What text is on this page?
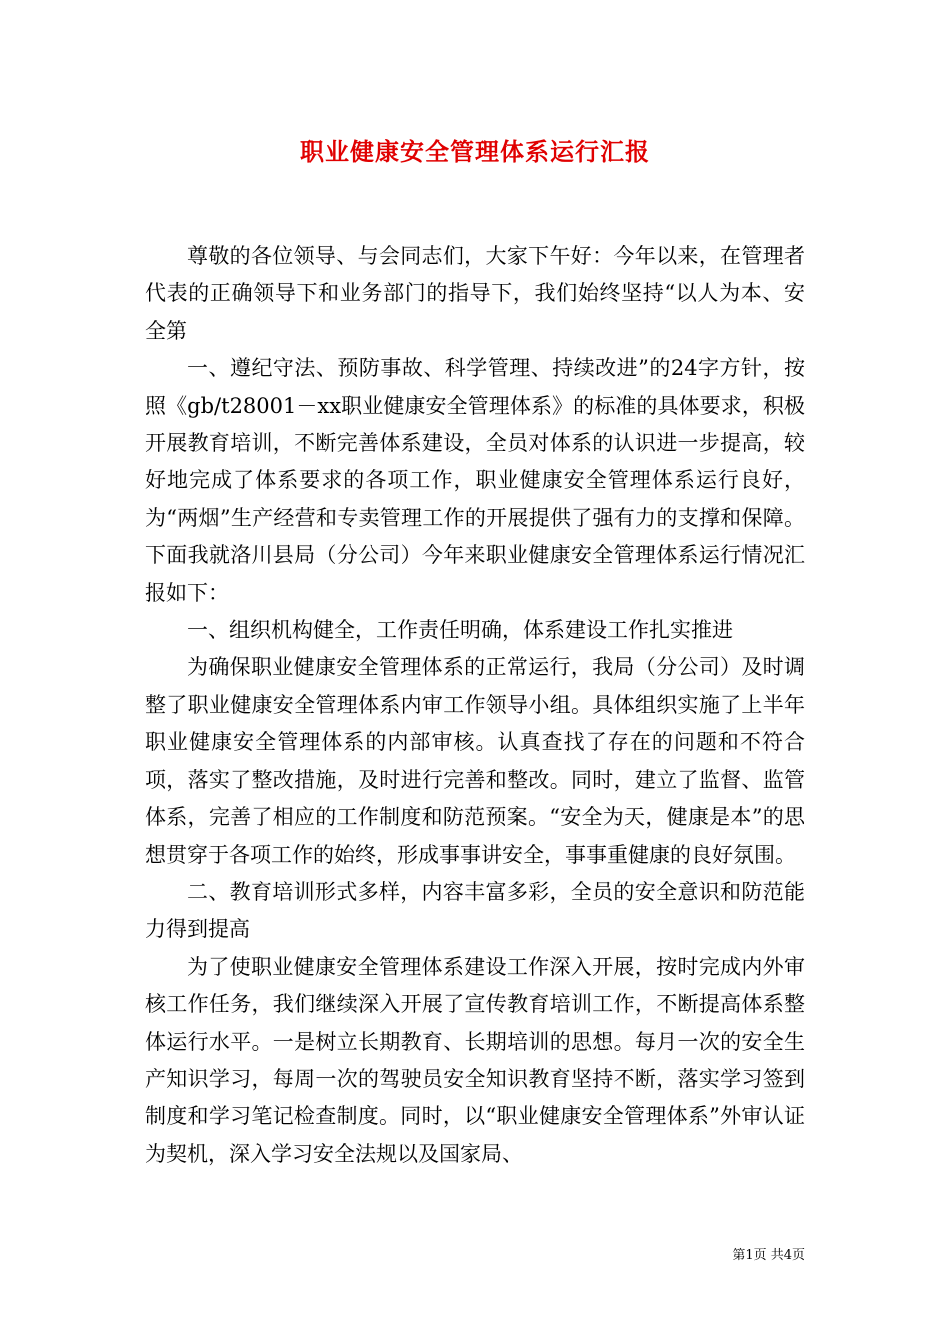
职业健康安全管理体系运行汇报

尊敬的各位领导、与会同志们，大家下午好：今年以来，在管理者代表的正确领导下和业务部门的指导下，我们始终坚持“以人为本、安全第

一、遵纪守法、预防事故、科学管理、持续改进”的24字方针，按照《gb/t28001－xx职业健康安全管理体系》的标准的具体要求，积极开展教育培训，不断完善体系建设，全员对体系的认识进一步提高，较好地完成了体系要求的各项工作，职业健康安全管理体系运行良好，为“两烟”生产经营和专卖管理工作的开展提供了强有力的支撑和保障。下面我就洛川县局（分公司）今年来职业健康安全管理体系运行情况汇报如下：

一、组织机构健全，工作责任明确，体系建设工作扎实推进

为确保职业健康安全管理体系的正常运行，我局（分公司）及时调整了职业健康安全管理体系内审工作领导小组。具体组织实施了上半年职业健康安全管理体系的内部审核。认真查找了存在的问题和不符合项，落实了整改措施，及时进行完善和整改。同时，建立了监督、监管体系，完善了相应的工作制度和防范预案。“安全为天，健康是本”的思想贯穿于各项工作的始终，形成事事讲安全，事事重健康的良好氛围。

二、教育培训形式多样，内容丰富多彩，全员的安全意识和防范能力得到提高

为了使职业健康安全管理体系建设工作深入开展，按时完成内外审核工作任务，我们继续深入开展了宣传教育培训工作，不断提高体系整体运行水平。一是树立长期教育、长期培训的思想。每月一次的安全生产知识学习，每周一次的驾驶员安全知识教育坚持不断，落实学习签到制度和学习笔记检查制度。同时，以“职业健康安全管理体系”外审认证为契机，深入学习安全法规以及国家局、

第1页 共4页
